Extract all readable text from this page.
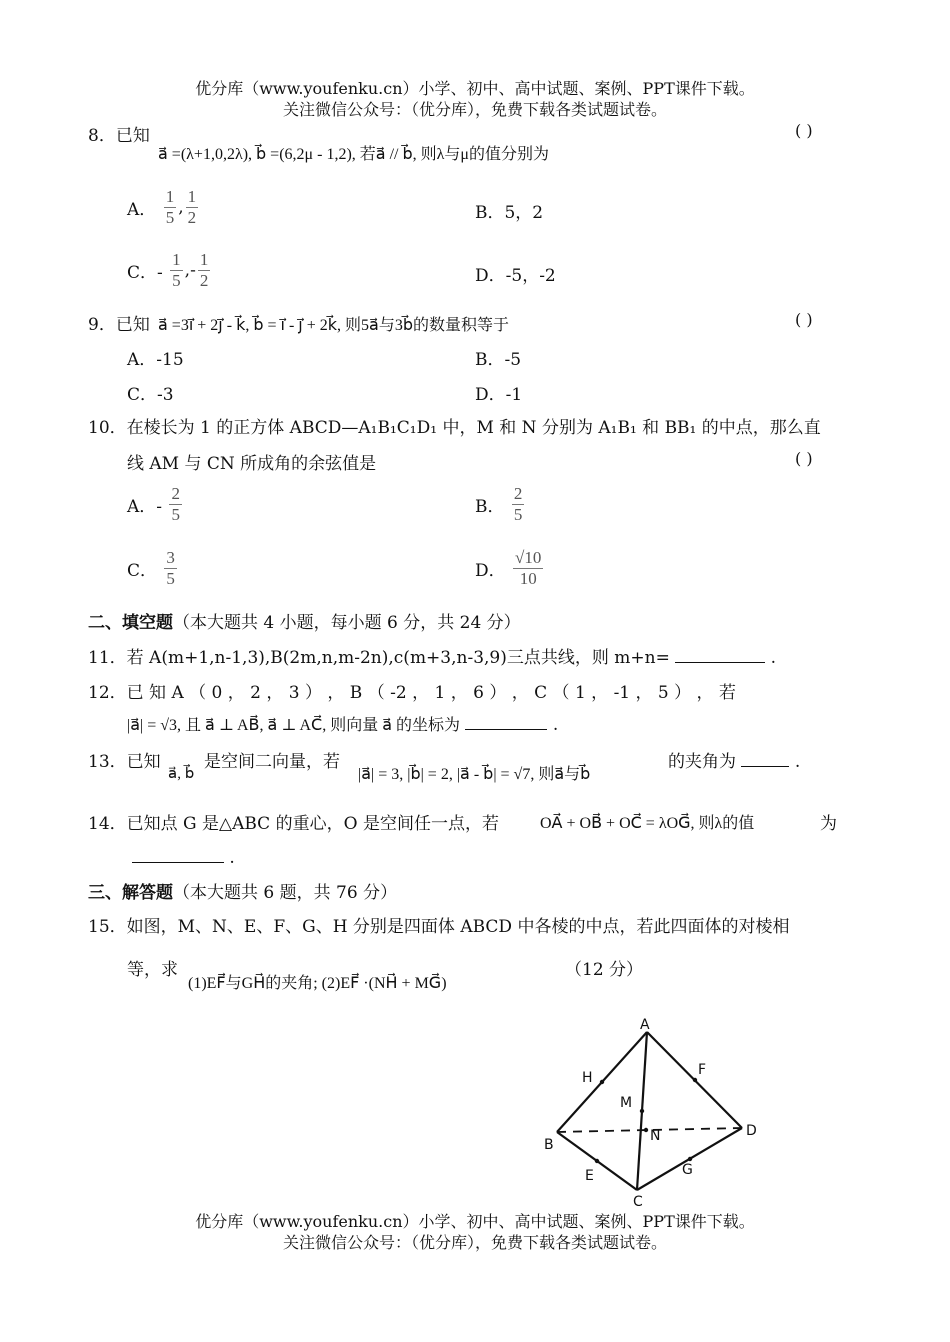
优分库（www.youfenku.cn）小学、初中、高中试题、案例、PPT课件下载。
关注微信公众号：（优分库），免费下载各类试题试卷。
8．已知
a⃗ =(λ+1,0,2λ), b⃗ =(6,2μ - 1,2), 若a⃗ // b⃗, 则λ与μ的值分别为
( )
A． $\frac{1}{5}$ , $\frac{1}{2}$	B．5，2
C．- $\frac{1}{5}$ ,- $\frac{1}{2}$	D．-5，-2
9．已知 a⃗ =3i⃗ + 2j⃗ - k⃗, b⃗ = i⃗ - j⃗ + 2k⃗, 则5a⃗与3b⃗的数量积等于	( )
A．-15	B．-5
C．-3	D．-1
10．在棱长为 1 的正方体 ABCD—A₁B₁C₁D₁ 中，M 和 N 分别为 A₁B₁ 和 BB₁ 的中点，那么直
线 AM 与 CN 所成角的余弦值是	( )
A．- $\frac{2}{5}$	B． $\frac{2}{5}$
C． $\frac{3}{5}$	D． $\frac{√10}{10}$
二、填空题（本大题共 4 小题，每小题 6 分，共 24 分）
11．若 A(m+1,n-1,3),B(2m,n,m-2n),c(m+3,n-3,9)三点共线，则 m+n=	.
12．已 知 A （ 0 ， 2 ， 3 ） ， B （ -2 ， 1 ， 6 ） ， C （ 1 ， -1 ， 5 ） ， 若
|a⃗| = √3, 且 a⃗ ⊥ AB⃗, a⃗ ⊥ AC⃗, 则向量 a⃗ 的坐标为	.
13．已知
a⃗, b⃗
是空间二向量，若
|a⃗| = 3, |b⃗| = 2, |a⃗ - b⃗| = √7, 则a⃗与b⃗
的夹角为	.
14．已知点 G 是△ABC 的重心，O 是空间任一点，若	OA⃗ + OB⃗ + OC⃗ = λOG⃗, 则λ的值	为
.
三、解答题（本大题共 6 题，共 76 分）
15．如图，M、N、E、F、G、H 分别是四面体 ABCD 中各棱的中点，若此四面体的对棱相
等，求
(1)EF⃗与GH⃗的夹角; (2)EF⃗ ·(NH⃗ + MG⃗)
（12 分）
A
B
C
D
E
F
G
H
M
N
优分库（www.youfenku.cn）小学、初中、高中试题、案例、PPT课件下载。
关注微信公众号：（优分库），免费下载各类试题试卷。
